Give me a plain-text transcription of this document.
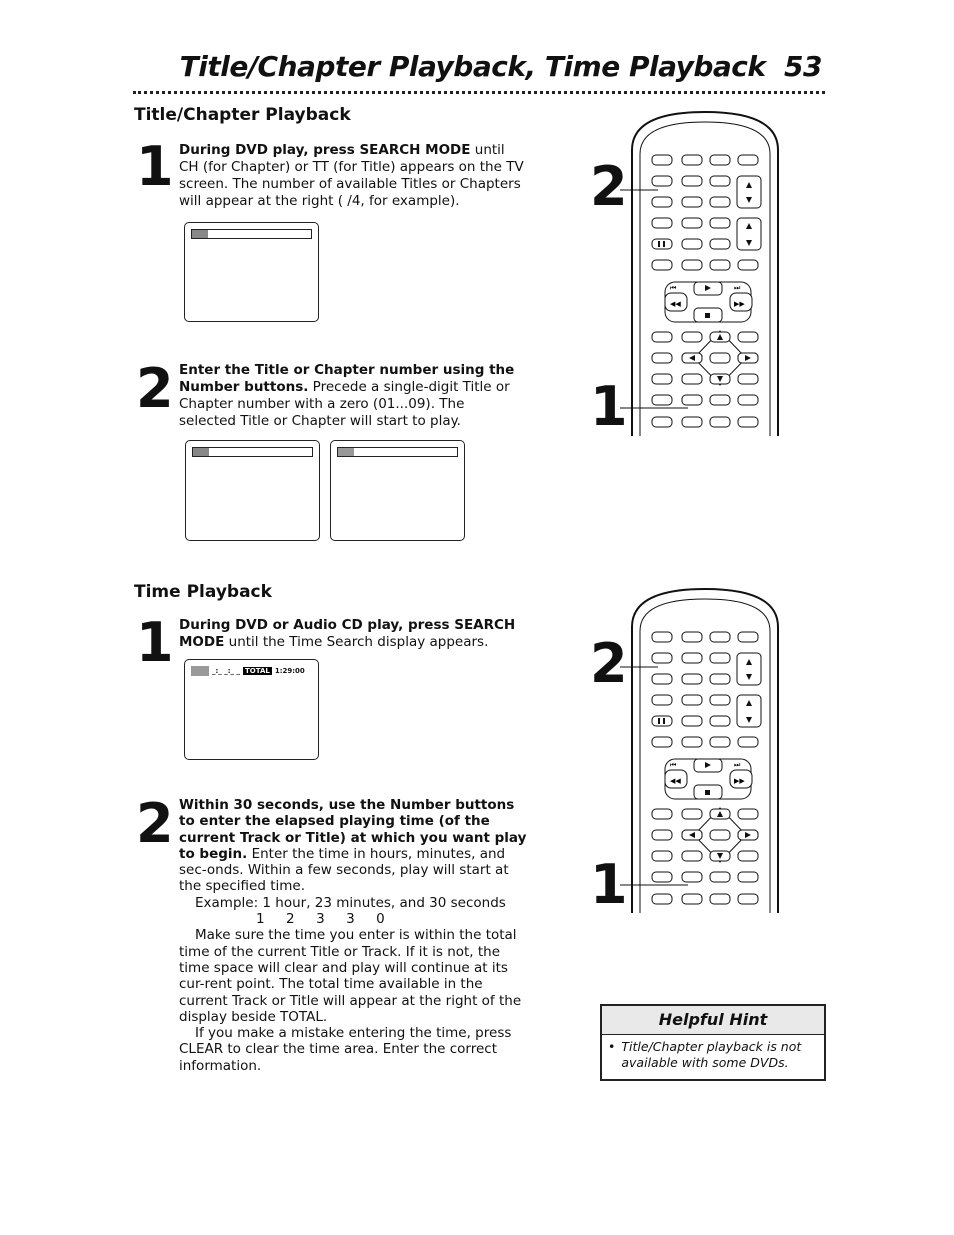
Title/Chapter Playback, Time Playback 53
Title/Chapter Playback
1 During DVD play, press SEARCH MODE until CH (for Chapter) or TT (for Title) appears on the TV screen. The number of available Titles or Chapters will appear at the right ( /4, for example).
2 Enter the Title or Chapter number using the Number buttons. Precede a single-digit Title or Chapter number with a zero (01...09). The selected Title or Chapter will start to play.
Time Playback
1 During DVD or Audio CD play, press SEARCH MODE until the Time Search display appears.
_:_ _:_ _ TOTAL 1:29:00
2 Within 30 seconds, use the Number buttons to enter the elapsed playing time (of the current Track or Title) at which you want play to begin. Enter the time in hours, minutes, and sec-onds. Within a few seconds, play will start at the specified time.

Example: 1 hour, 23 minutes, and 30 seconds

1     2     3     3     0

Make sure the time you enter is within the total time of the current Title or Track. If it is not, the time space will clear and play will continue at its cur-rent point. The total time available in the current Track or Title will appear at the right of the display beside TOTAL.

If you make a mistake entering the time, press CLEAR to clear the time area. Enter the correct information.

2
1
2
1
◀◀	▶▶
⏮	⏭
◀◀	▶▶
⏮	⏭
Helpful Hint
• Title/Chapter playback is not available with some DVDs.
